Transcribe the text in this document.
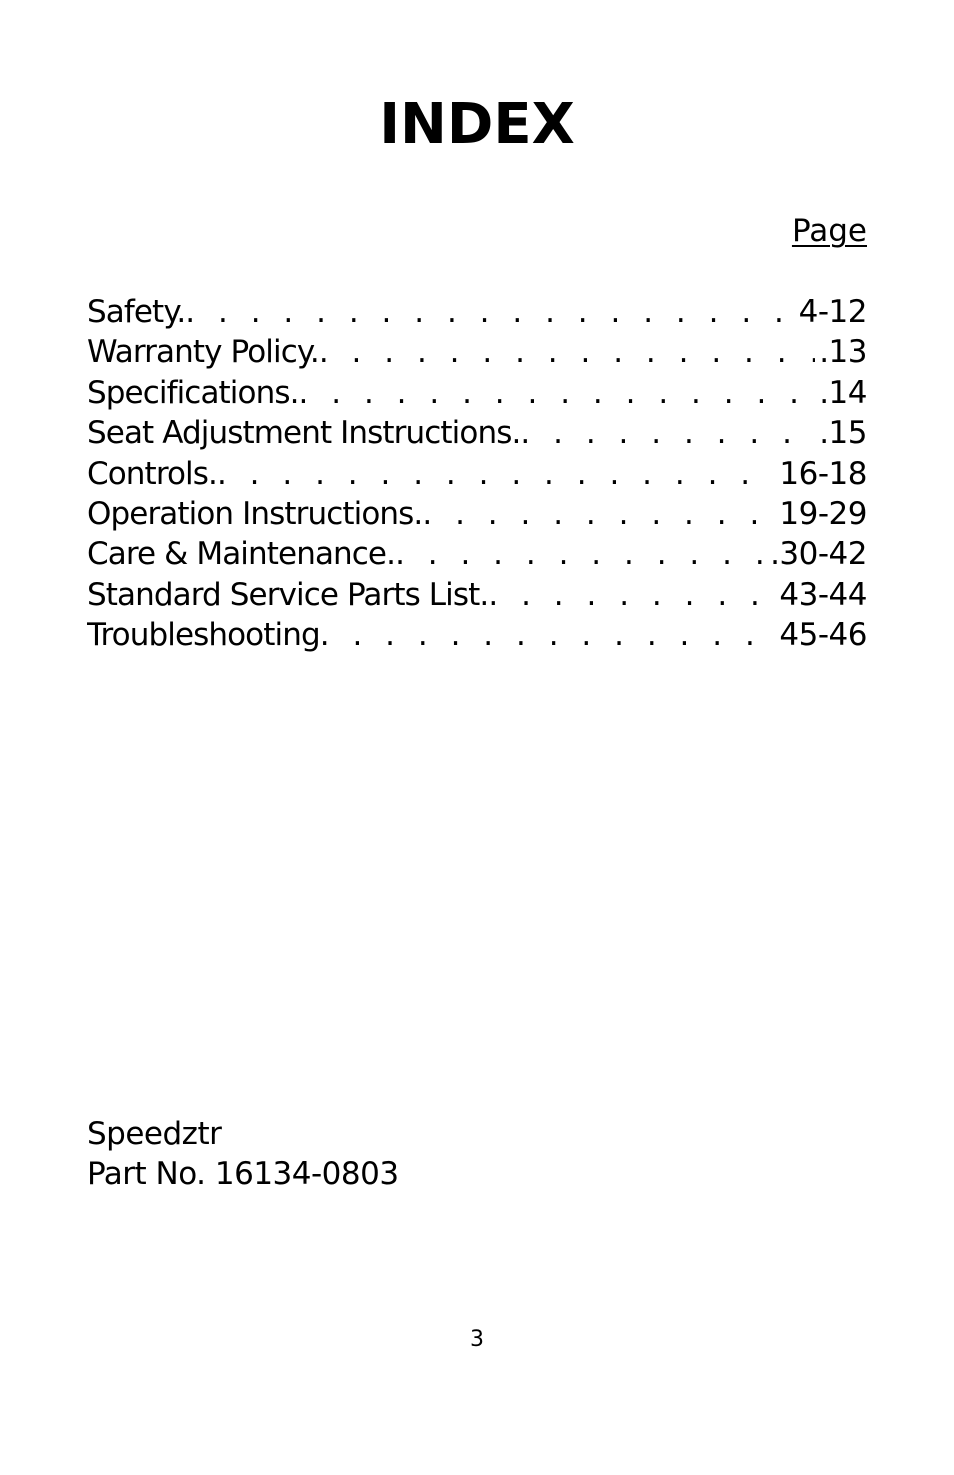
INDEX
Page
Safety. . . .	4-12
Warranty Policy. . . .	.13
Specifications. . . .	.14
Seat Adjustment Instructions. . . .	.15
Controls. . . .	16-18
Operation Instructions. . . .	19-29
Care & Maintenance. . . .	.30-42
Standard Service Parts List. . . .	43-44
Troubleshooting . . .	45-46
Speedztr
Part No. 16134-0803
3
